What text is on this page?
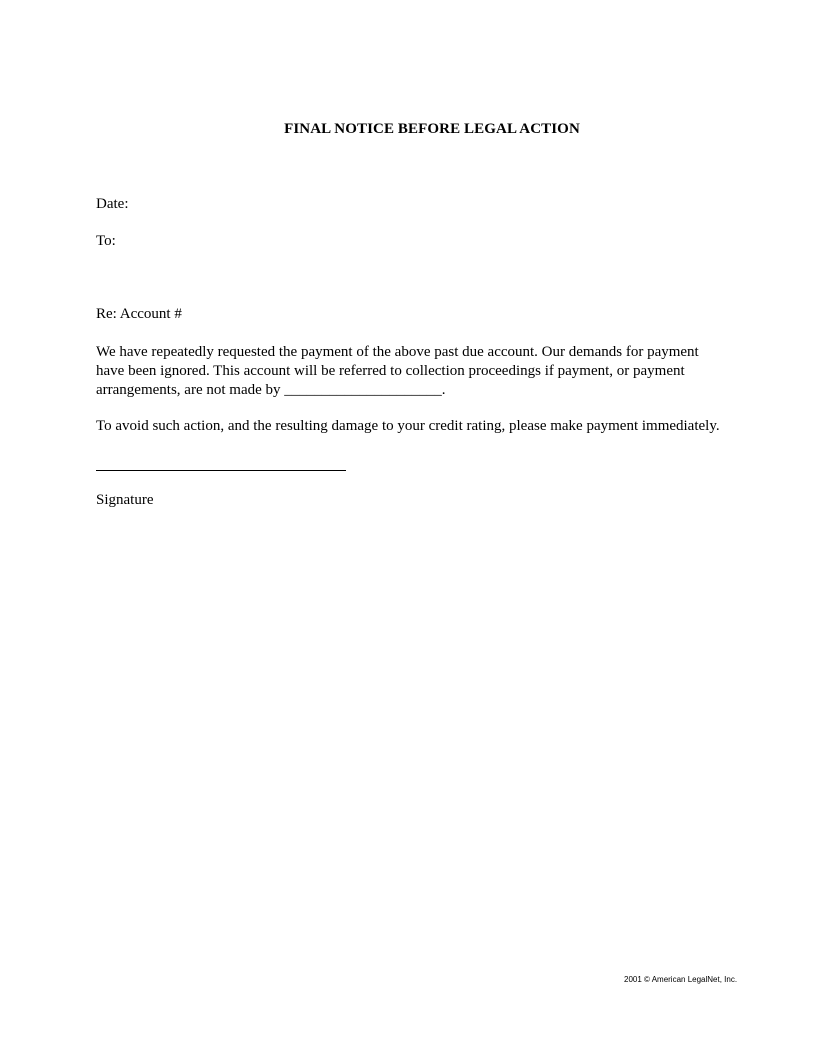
FINAL NOTICE BEFORE LEGAL ACTION
Date:
To:
Re: Account #
We have repeatedly requested the payment of the above past due account. Our demands for payment
have been ignored. This account will be referred to collection proceedings if payment, or payment
arrangements, are not made by _____________________.
To avoid such action, and the resulting damage to your credit rating, please make payment immediately.
Signature
2001 © American LegalNet, Inc.
